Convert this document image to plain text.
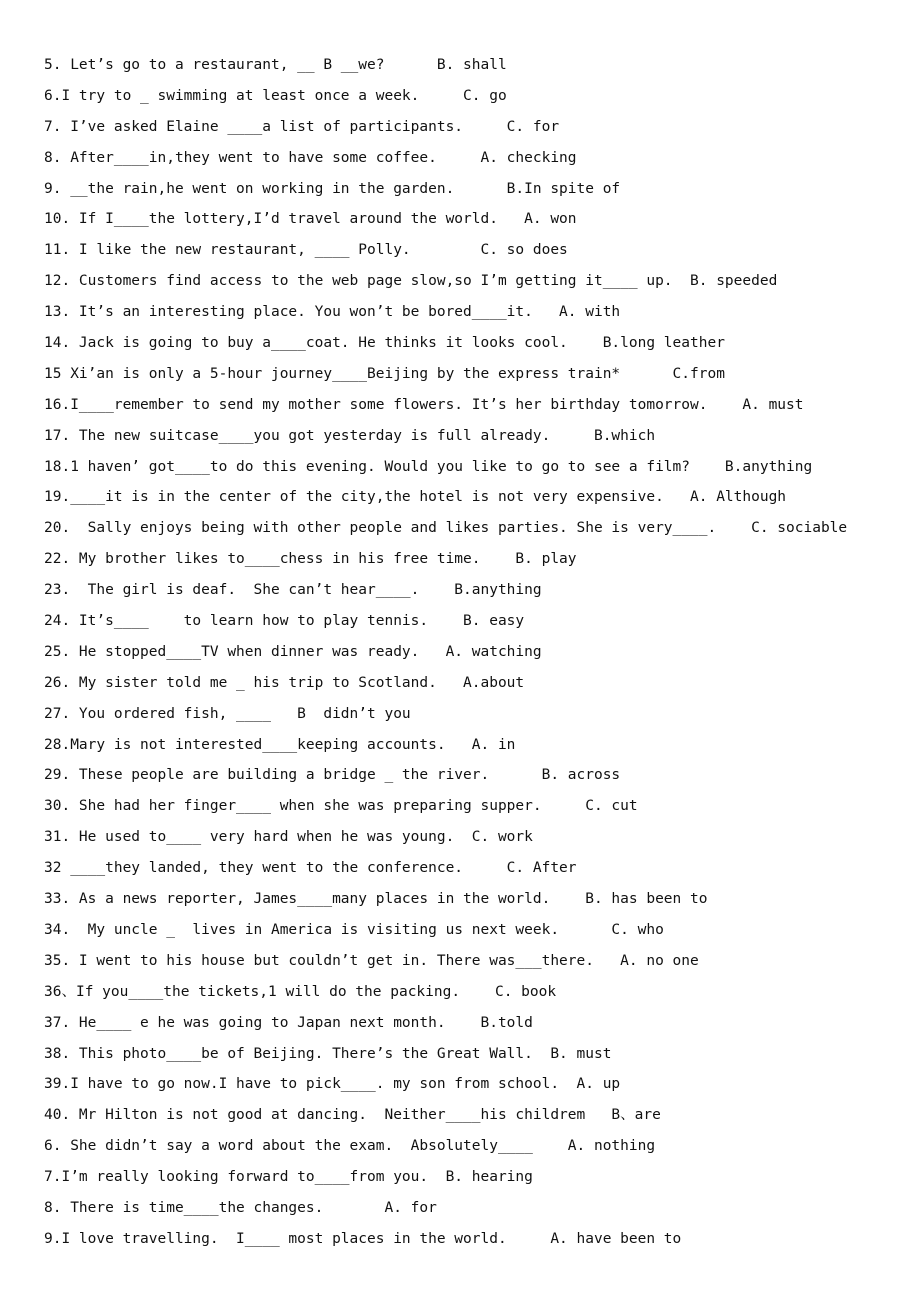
5. Let’s go to a restaurant, __ B __we?      B. shall
6.I try to _ swimming at least once a week.     C. go
7. I’ve asked Elaine ____a list of participants.     C. for
8. After____in,they went to have some coffee.     A. checking
9. __the rain,he went on working in the garden.      B.In spite of
10. If I____the lottery,I’d travel around the world.   A. won
11. I like the new restaurant, ____ Polly.        C. so does
12. Customers find access to the web page slow,so I’m getting it____ up.  B. speeded
13. It’s an interesting place. You won’t be bored____it.   A. with
14. Jack is going to buy a____coat. He thinks it looks cool.    B.long leather
15 Xi’an is only a 5-hour journey____Beijing by the express train*      C.from
16.I____remember to send my mother some flowers. It’s her birthday tomorrow.    A. must
17. The new suitcase____you got yesterday is full already.     B.which
18.1 haven’ got____to do this evening. Would you like to go to see a film?    B.anything
19.____it is in the center of the city,the hotel is not very expensive.   A. Although
20.  Sally enjoys being with other people and likes parties. She is very____.    C. sociable
22. My brother likes to____chess in his free time.    B. play
23.  The girl is deaf.  She can’t hear____.    B.anything
24. It’s____    to learn how to play tennis.    B. easy
25. He stopped____TV when dinner was ready.   A. watching
26. My sister told me _ his trip to Scotland.   A.about
27. You ordered fish, ____   B  didn’t you
28.Mary is not interested____keeping accounts.   A. in
29. These people are building a bridge _ the river.      B. across
30. She had her finger____ when she was preparing supper.     C. cut
31. He used to____ very hard when he was young.  C. work
32 ____they landed, they went to the conference.     C. After
33. As a news reporter, James____many places in the world.    B. has been to
34.  My uncle _  lives in America is visiting us next week.      C. who
35. I went to his house but couldn’t get in. There was___there.   A. no one
36、If you____the tickets,1 will do the packing.    C. book
37. He____ e he was going to Japan next month.    B.told
38. This photo____be of Beijing. There’s the Great Wall.  B. must
39.I have to go now.I have to pick____. my son from school.  A. up
40. Mr Hilton is not good at dancing.  Neither____his childrem   B、are
6. She didn’t say a word about the exam.  Absolutely____    A. nothing
7.I’m really looking forward to____from you.  B. hearing
8. There is time____the changes.       A. for
9.I love travelling.  I____ most places in the world.     A. have been to
